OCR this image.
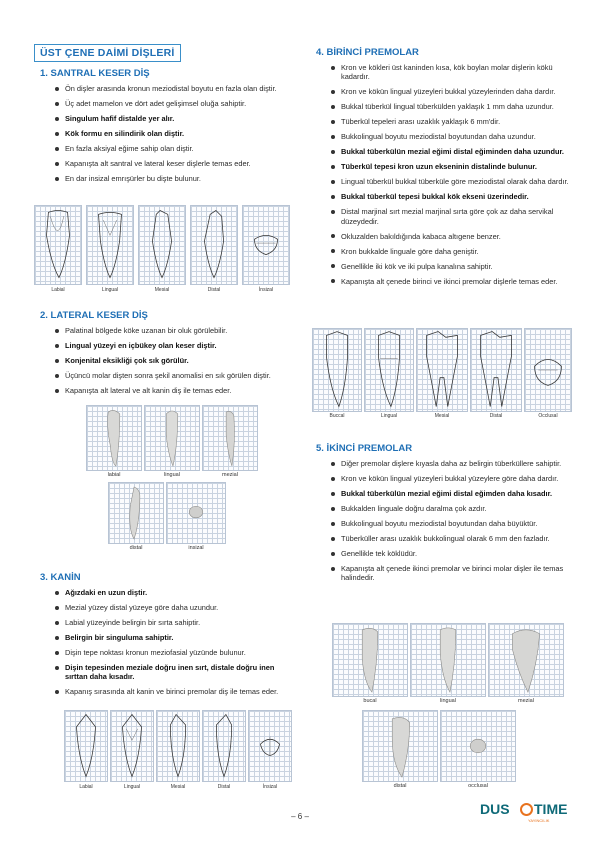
ÜST ÇENE DAİMİ DİŞLERİ
1. SANTRAL KESER DİŞ
Ön dişler arasında kronun meziodistal boyutu en fazla olan diştir.
Üç adet mamelon ve dört adet gelişimsel oluğa sahiptir.
Singulum hafif distalde yer alır.
Kök formu en silindirik olan diştir.
En fazla aksiyal eğime sahip olan diştir.
Kapanışta alt santral ve lateral keser dişlerle temas eder.
En dar insizal emrışürler bu dişte bulunur.
Labial	Lingual	Mesial	Distal	İnsizal
2. LATERAL KESER DİŞ
Palatinal bölgede köke uzanan bir oluk görülebilir.
Lingual yüzeyi en içbükey olan keser diştir.
Konjenital eksikliği çok sık görülür.
Üçüncü molar dişten sonra şekil anomalisi en sık görülen diştir.
Kapanışta alt lateral ve alt kanin diş ile temas eder.
labial	lingual	mezial
distal	insizal
3. KANİN
Ağızdaki en uzun diştir.
Mezial yüzey distal yüzeye göre daha uzundur.
Labial yüzeyinde belirgin bir sırta sahiptir.
Belirgin bir singuluma sahiptir.
Dişin tepe noktası kronun meziofasial yüzünde bulunur.
Dişin tepesinden meziale doğru inen sırt, distale doğru inen sırttan daha kısadır.
Kapanış sırasında alt kanin ve birinci premolar diş ile temas eder.
Labial	Lingual	Mesial	Distal	İnsizal
4. BİRİNCİ PREMOLAR
Kron ve kökleri üst kaninden kısa, kök boylan molar dişlerin kökü kadardır.
Kron ve kökün lingual yüzeyleri bukkal yüzeylerinden daha dardır.
Bukkal tüberkül lingual tüberkülden yaklaşık 1 mm daha uzundur.
Tüberkül tepeleri arası uzaklık yaklaşık 6 mm'dir.
Bukkolingual boyutu meziodistal boyutundan daha uzundur.
Bukkal tüberkülün mezial eğimi distal eğiminden daha uzundur.
Tüberkül tepesi kron uzun ekseninin distalinde bulunur.
Lingual tüberkül bukkal tüberküle göre meziodistal olarak daha dardır.
Bukkal tüberkül tepesi bukkal kök ekseni üzerindedir.
Distal marjinal sırt mezial marjinal sırta göre çok az daha servikal düzeydedir.
Okluzalden bakıldığında kabaca altıgene benzer.
Kron bukkalde linguale göre daha geniştir.
Genellikle iki kök ve iki pulpa kanalına sahiptir.
Kapanışta alt çenede birinci ve ikinci premolar dişlerle temas eder.
Buccal	Lingual	Mesial	Distal	Occlusal
5. İKİNCİ PREMOLAR
Diğer premolar dişlere kıyasla daha az belirgin tüberküllere sahiptir.
Kron ve kökün lingual yüzeyleri bukkal yüzeylere göre daha dardır.
Bukkal tüberkülün mezial eğimi distal eğimden daha kısadır.
Bukkalden linguale doğru daralma çok azdır.
Bukkolingual boyutu meziodistal boyutundan daha büyüktür.
Tüberküller arası uzaklık bukkolingual olarak 6 mm den fazladır.
Genellikle tek köklüdür.
Kapanışta alt çenede ikinci premolar ve birinci molar dişler ile temas halindedir.
bucal	lingual	mezial
distal	occlusal
– 6 –	DUS TIME
YAYINCILIK
